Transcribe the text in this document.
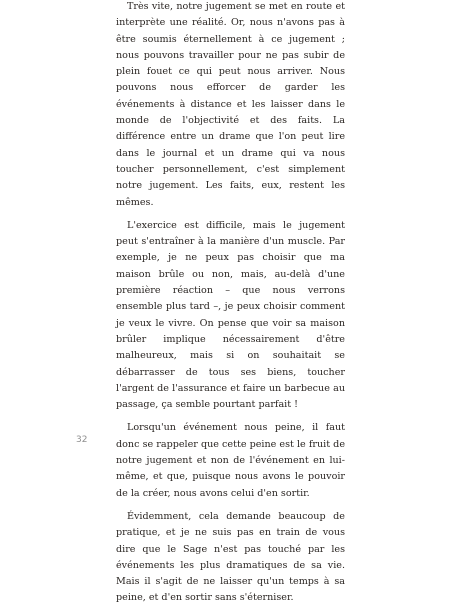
Très vite, notre jugement se met en route et interprète une réalité. Or, nous n'avons pas à être soumis éternellement à ce jugement ; nous pouvons travailler pour ne pas subir de plein fouet ce qui peut nous arriver. Nous pouvons nous efforcer de garder les événements à distance et les laisser dans le monde de l'objectivité et des faits. La différence entre un drame que l'on peut lire dans le journal et un drame qui va nous toucher personnellement, c'est simplement notre jugement. Les faits, eux, restent les mêmes.

L'exercice est difficile, mais le jugement peut s'entraîner à la manière d'un muscle. Par exemple, je ne peux pas choisir que ma maison brûle ou non, mais, au-delà d'une première réaction – que nous verrons ensemble plus tard –, je peux choisir comment je veux le vivre. On pense que voir sa maison brûler implique nécessairement d'être malheureux, mais si on souhaitait se débarrasser de tous ses biens, toucher l'argent de l'assurance et faire un barbecue au passage, ça semble pourtant parfait !

Lorsqu'un événement nous peine, il faut donc se rappeler que cette peine est le fruit de notre jugement et non de l'événement en lui-même, et que, puisque nous avons le pouvoir de la créer, nous avons celui d'en sortir.

Évidemment, cela demande beaucoup de pratique, et je ne suis pas en train de vous dire que le Sage n'est pas touché par les événements les plus dramatiques de sa vie. Mais il s'agit de ne laisser qu'un temps à sa peine, et d'en sortir sans s'éterniser.

32
